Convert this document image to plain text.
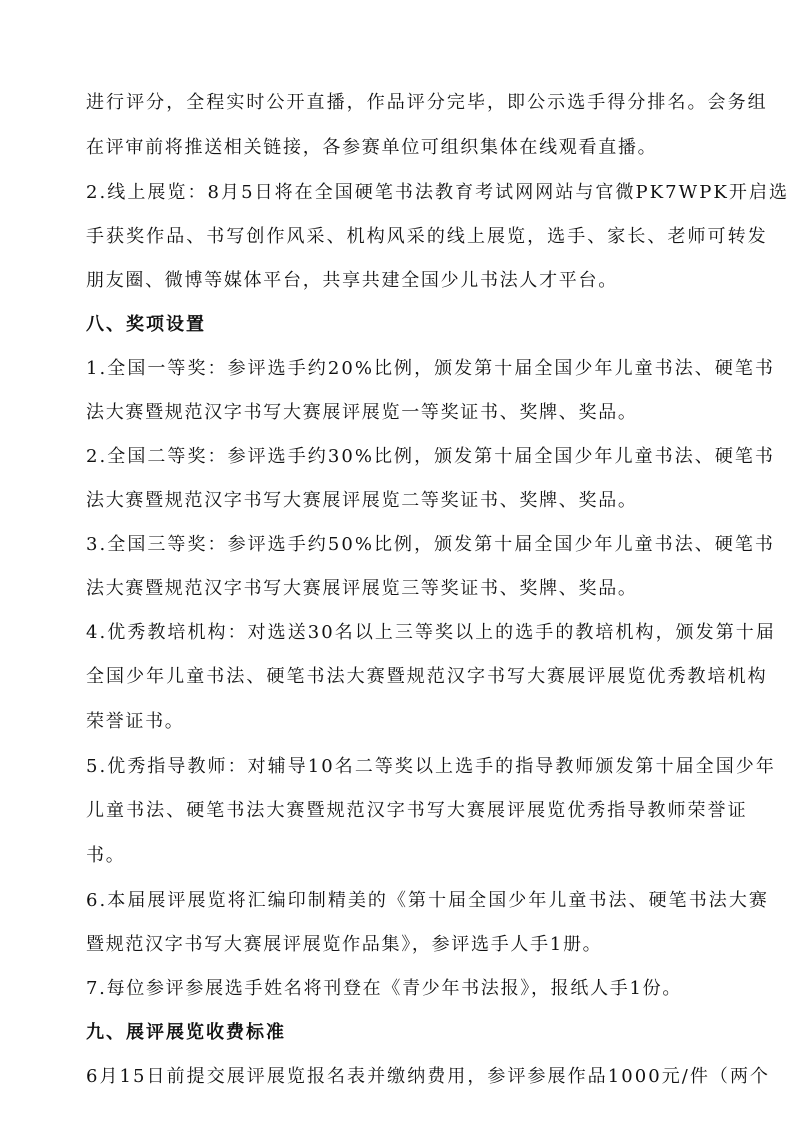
进行评分，全程实时公开直播，作品评分完毕，即公示选手得分排名。会务组
在评审前将推送相关链接，各参赛单位可组织集体在线观看直播。
2.线上展览：8月5日将在全国硬笔书法教育考试网网站与官微PK7WPK开启选
手获奖作品、书写创作风采、机构风采的线上展览，选手、家长、老师可转发
朋友圈、微博等媒体平台，共享共建全国少儿书法人才平台。
八、奖项设置
1.全国一等奖：参评选手约20%比例，颁发第十届全国少年儿童书法、硬笔书
法大赛暨规范汉字书写大赛展评展览一等奖证书、奖牌、奖品。
2.全国二等奖：参评选手约30%比例，颁发第十届全国少年儿童书法、硬笔书
法大赛暨规范汉字书写大赛展评展览二等奖证书、奖牌、奖品。
3.全国三等奖：参评选手约50%比例，颁发第十届全国少年儿童书法、硬笔书
法大赛暨规范汉字书写大赛展评展览三等奖证书、奖牌、奖品。
4.优秀教培机构：对选送30名以上三等奖以上的选手的教培机构，颁发第十届
全国少年儿童书法、硬笔书法大赛暨规范汉字书写大赛展评展览优秀教培机构
荣誉证书。
5.优秀指导教师：对辅导10名二等奖以上选手的指导教师颁发第十届全国少年
儿童书法、硬笔书法大赛暨规范汉字书写大赛展评展览优秀指导教师荣誉证
书。
6.本届展评展览将汇编印制精美的《第十届全国少年儿童书法、硬笔书法大赛
暨规范汉字书写大赛展评展览作品集》，参评选手人手1册。
7.每位参评参展选手姓名将刊登在《青少年书法报》，报纸人手1份。
九、展评展览收费标准
6月15日前提交展评展览报名表并缴纳费用，参评参展作品1000元/件（两个
